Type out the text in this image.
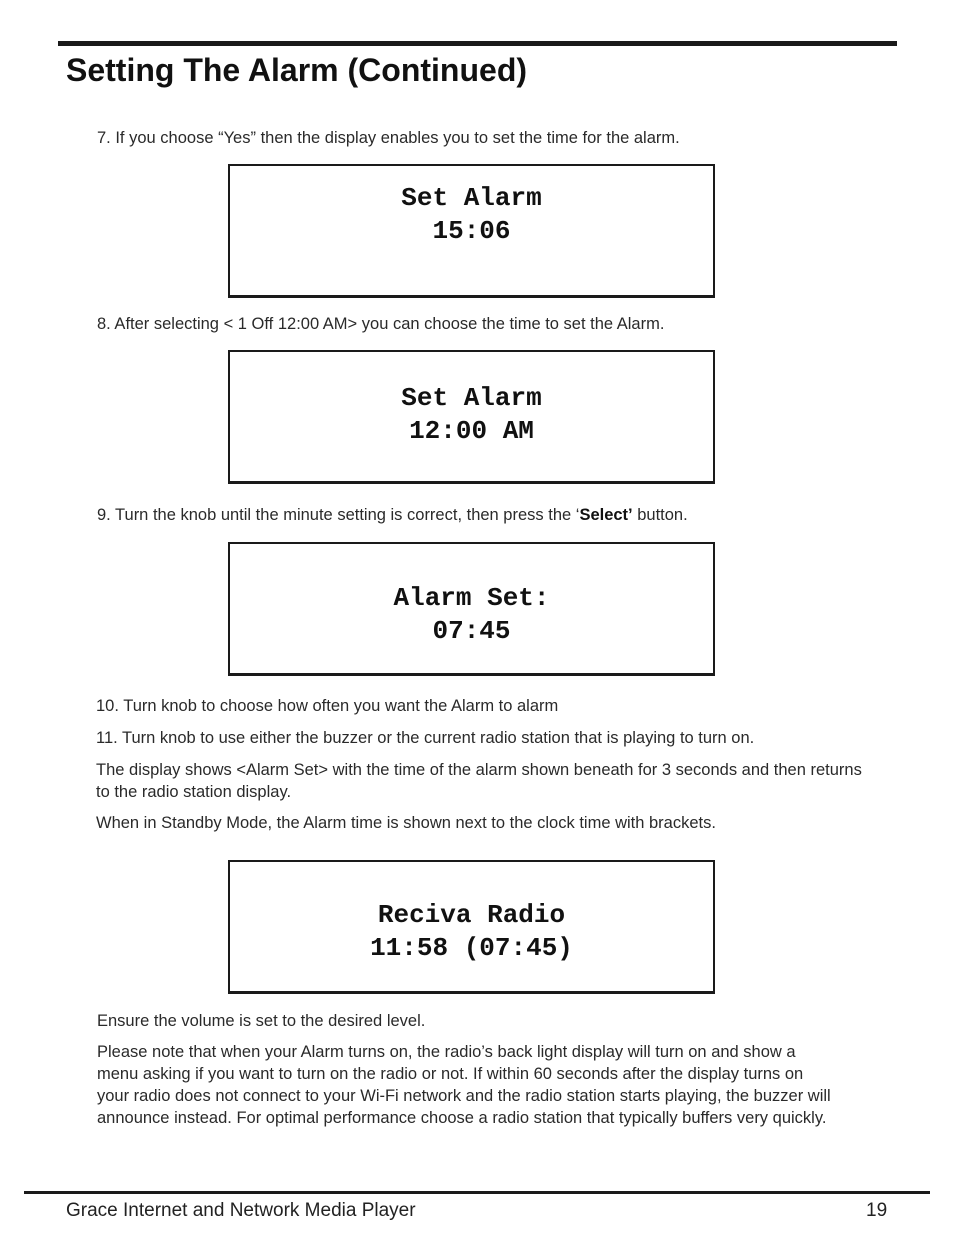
Setting The Alarm (Continued)

7. If you choose “Yes” then the display enables you to set the time for the alarm.

Set Alarm
15:06

8. After selecting < 1 Off 12:00 AM> you can choose the time to set the Alarm.

Set Alarm
12:00 AM

9. Turn the knob until the minute setting is correct, then press the ‘Select’ button.

Alarm Set:
07:45

10. Turn knob to choose how often you want the Alarm to alarm

11. Turn knob to use either the buzzer or the current radio station that is playing to turn on.

The display shows <Alarm Set> with the time of the alarm shown beneath for 3 seconds and then returns to the radio station display.

When in Standby Mode, the Alarm time is shown next to the clock time with brackets.

Reciva Radio
11:58 (07:45)

Ensure the volume is set to the desired level.

Please note that when your Alarm turns on, the radio’s back light display will turn on and show a menu asking if you want to turn on the radio or not. If within 60 seconds after the display turns on your radio does not connect to your Wi-Fi network and the radio station starts playing, the buzzer will announce instead. For optimal performance choose a radio station that typically buffers very quickly.

Grace Internet and Network Media Player	19
